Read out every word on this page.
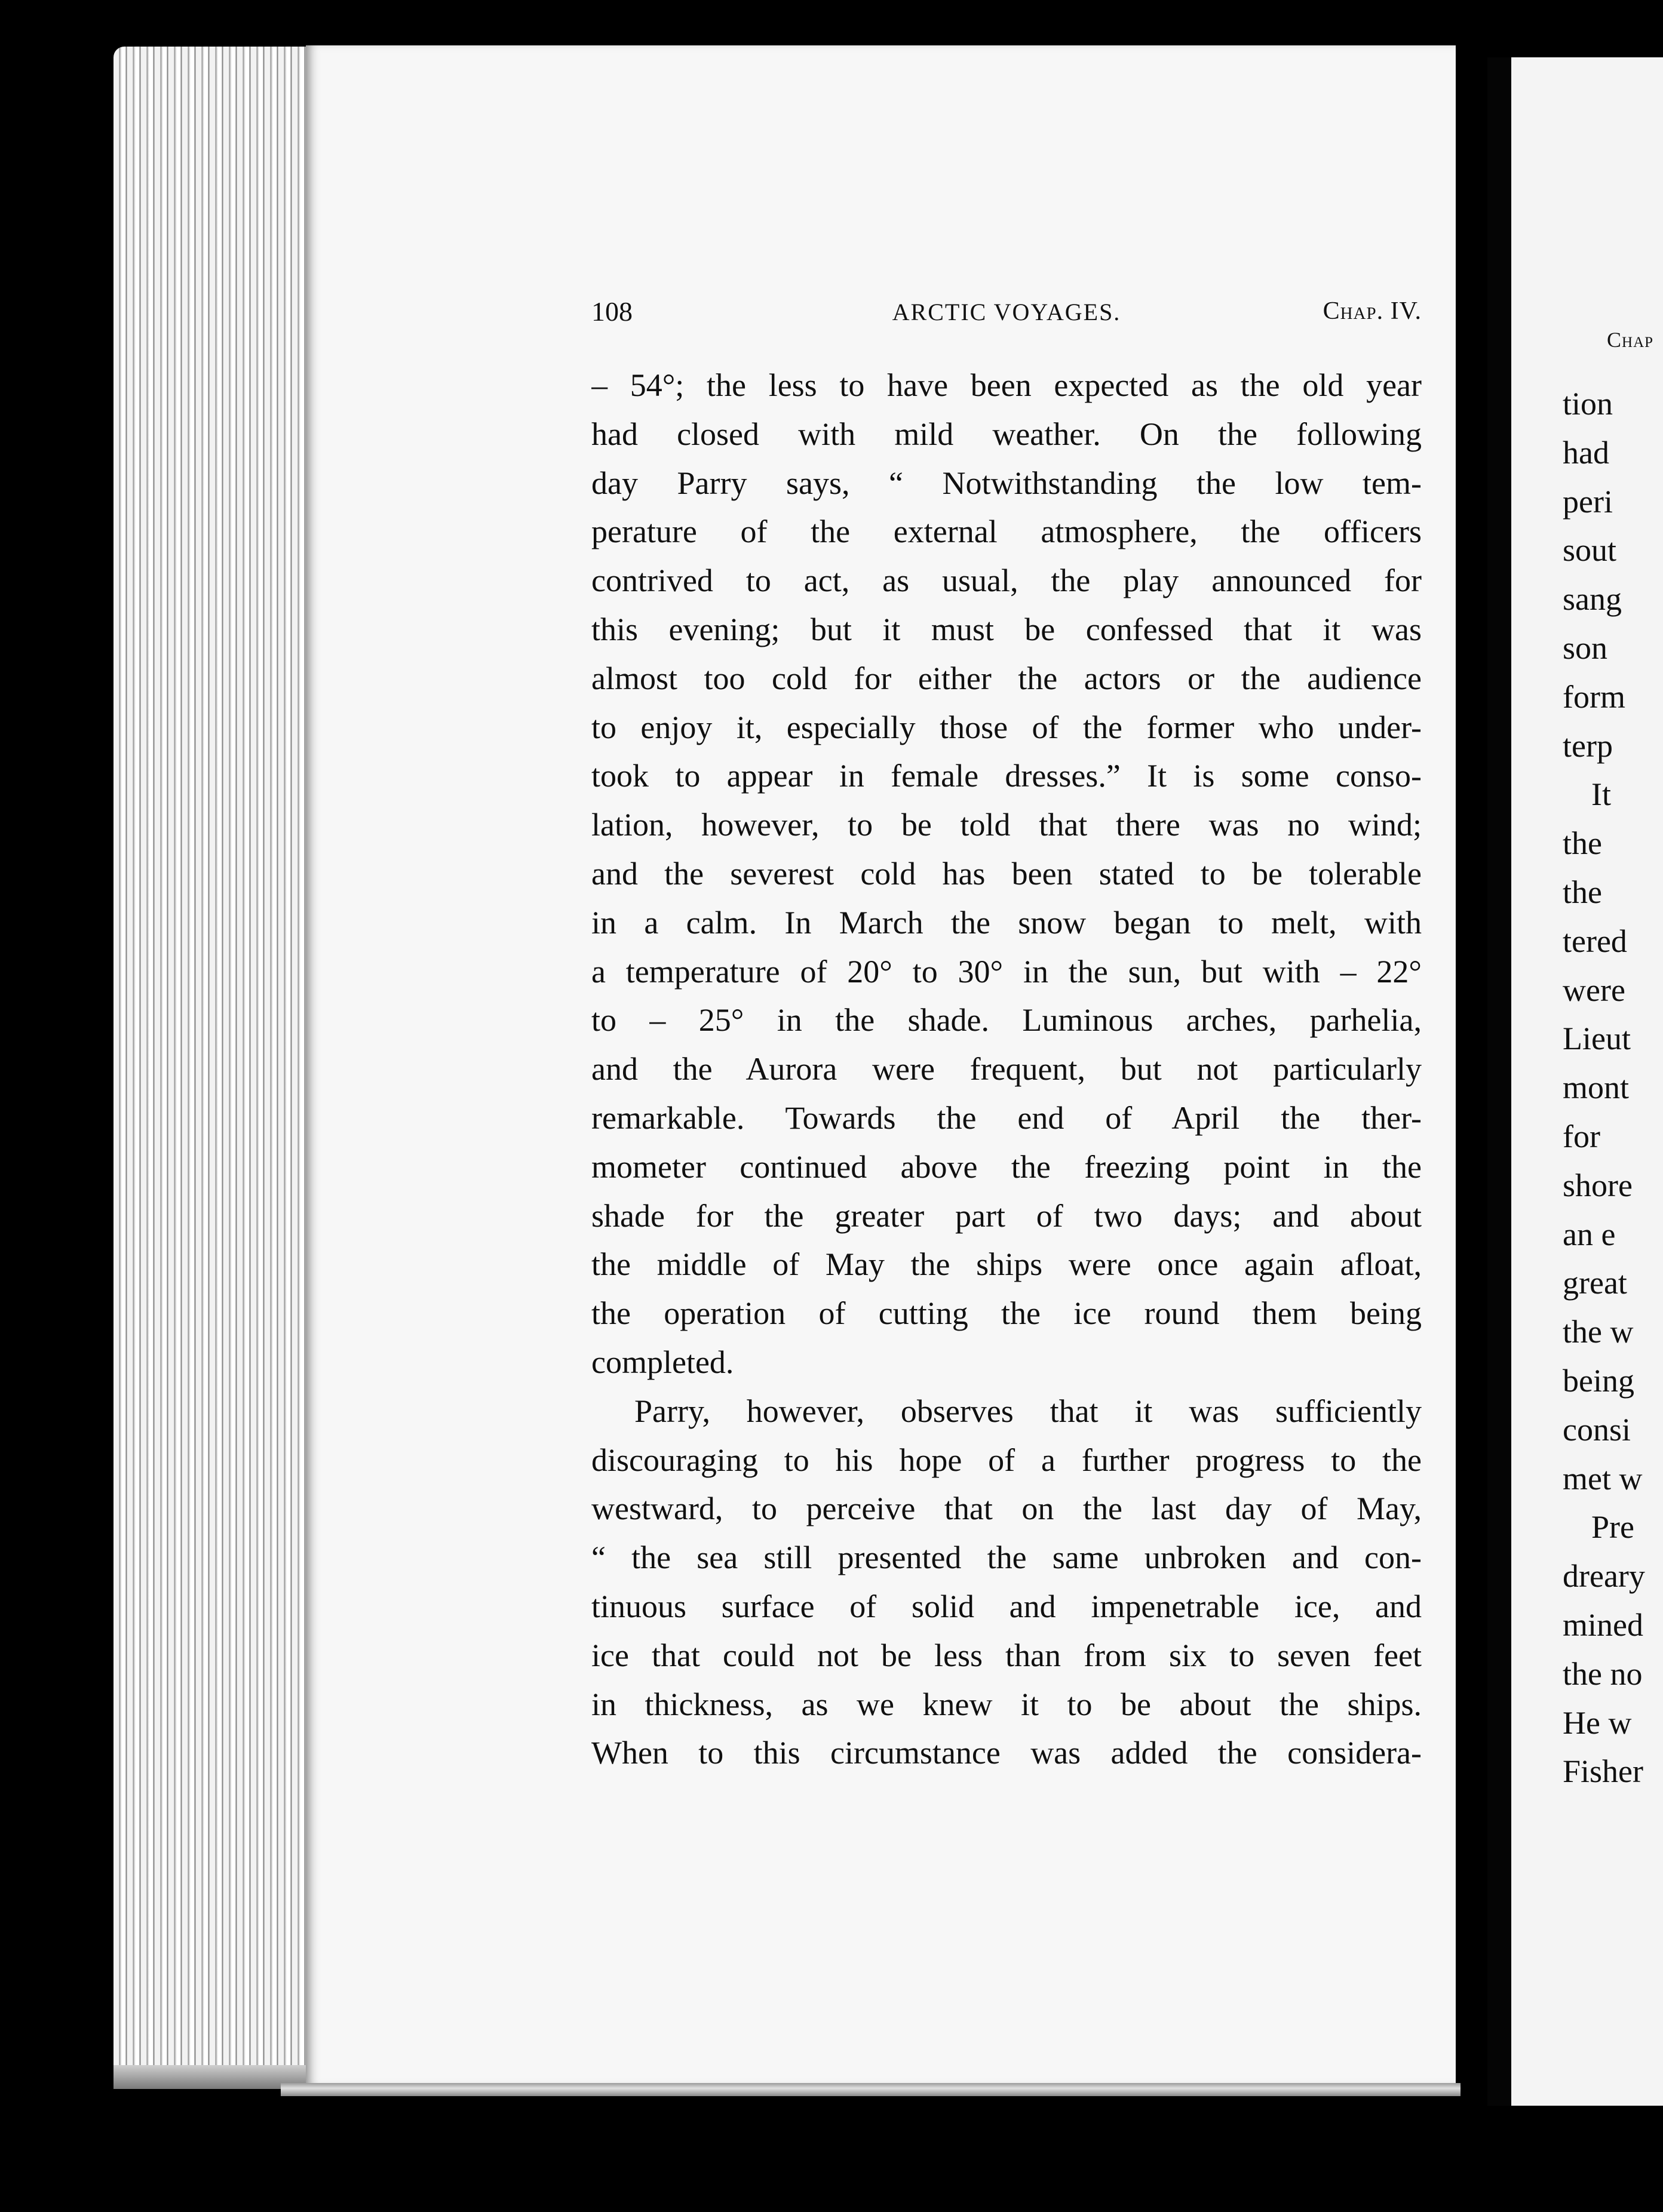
108	ARCTIC VOYAGES.	Chap. IV.
– 54°; the less to have been expected as the old year
had closed with mild weather. On the following
day Parry says, “ Notwithstanding the low tem-
perature of the external atmosphere, the officers
contrived to act, as usual, the play announced for
this evening; but it must be confessed that it was
almost too cold for either the actors or the audience
to enjoy it, especially those of the former who under-
took to appear in female dresses.” It is some conso-
lation, however, to be told that there was no wind;
and the severest cold has been stated to be tolerable
in a calm. In March the snow began to melt, with
a temperature of 20° to 30° in the sun, but with – 22°
to – 25° in the shade. Luminous arches, parhelia,
and the Aurora were frequent, but not particularly
remarkable. Towards the end of April the ther-
mometer continued above the freezing point in the
shade for the greater part of two days; and about
the middle of May the ships were once again afloat,
the operation of cutting the ice round them being
completed.
Parry, however, observes that it was sufficiently
discouraging to his hope of a further progress to the
westward, to perceive that on the last day of May,
“ the sea still presented the same unbroken and con-
tinuous surface of solid and impenetrable ice, and
ice that could not be less than from six to seven feet
in thickness, as we knew it to be about the ships.
When to this circumstance was added the considera-
Chap
tion
had
peri
sout
sang
son
form
terp
It
the
the
tered
were
Lieut
mont
for
shore
an e
great
the w
being
consi
met w
Pre
dreary
mined
the no
He w
Fisher
